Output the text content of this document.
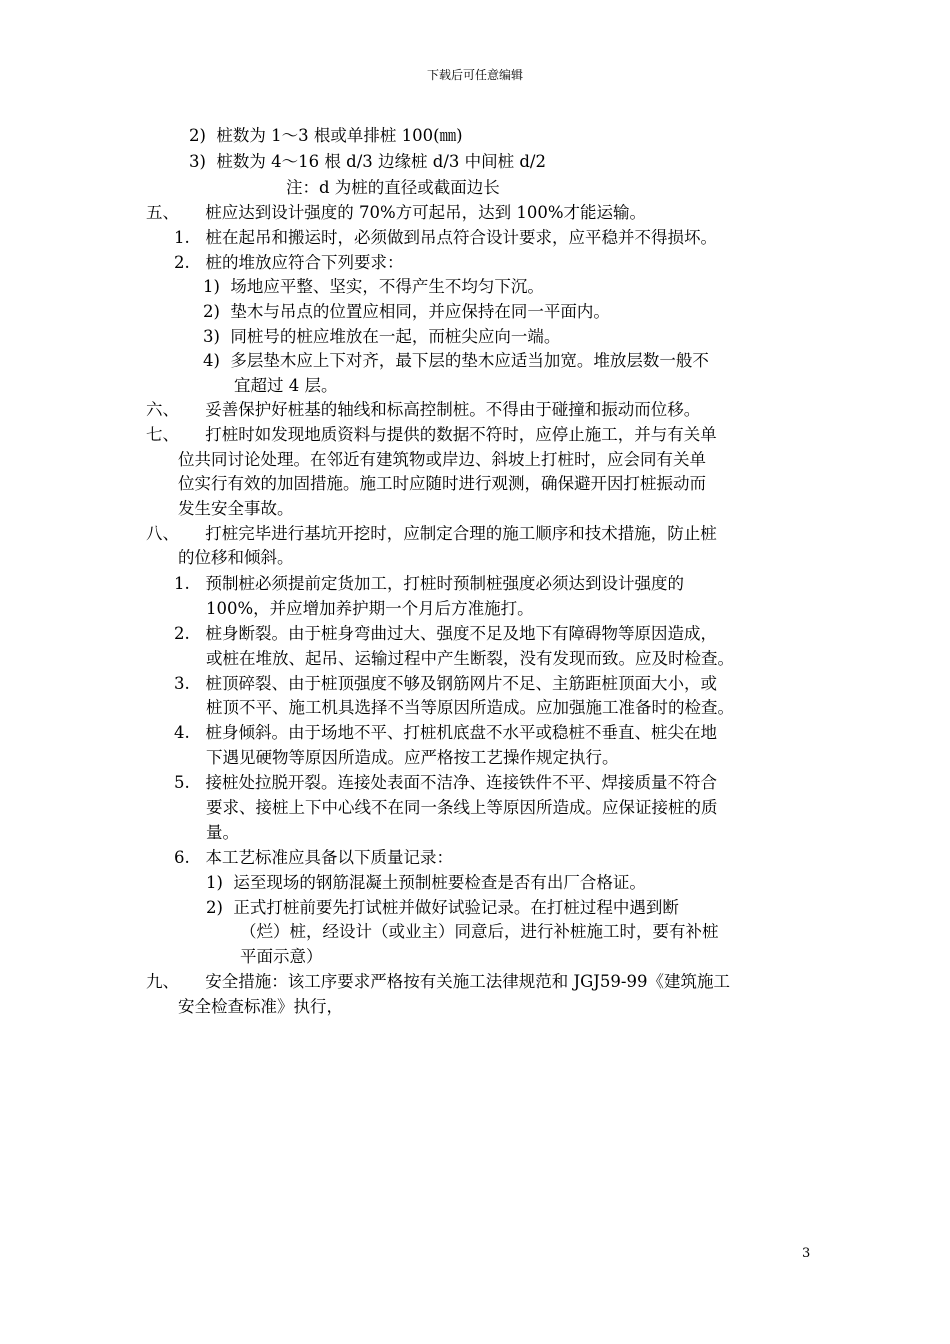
下载后可任意编辑
2)  桩数为 1～3 根或单排桩 100(㎜)
3)  桩数为 4～16 根 d/3 边缘桩 d/3 中间桩 d/2
注：d 为桩的直径或截面边长
五、     桩应达到设计强度的 70%方可起吊，达到 100%才能运输。
1.   桩在起吊和搬运时，必须做到吊点符合设计要求，应平稳并不得损坏。
2.   桩的堆放应符合下列要求：
1)  场地应平整、坚实，不得产生不均匀下沉。
2)  垫木与吊点的位置应相同，并应保持在同一平面内。
3)  同桩号的桩应堆放在一起，而桩尖应向一端。
4)  多层垫木应上下对齐，最下层的垫木应适当加宽。堆放层数一般不
宜超过 4 层。
六、     妥善保护好桩基的轴线和标高控制桩。不得由于碰撞和振动而位移。
七、     打桩时如发现地质资料与提供的数据不符时，应停止施工，并与有关单
位共同讨论处理。在邻近有建筑物或岸边、斜坡上打桩时，应会同有关单
位实行有效的加固措施。施工时应随时进行观测，确保避开因打桩振动而
发生安全事故。
八、     打桩完毕进行基坑开挖时，应制定合理的施工顺序和技术措施，防止桩
的位移和倾斜。
1.   预制桩必须提前定货加工，打桩时预制桩强度必须达到设计强度的
100%，并应增加养护期一个月后方准施打。
2.   桩身断裂。由于桩身弯曲过大、强度不足及地下有障碍物等原因造成，
或桩在堆放、起吊、运输过程中产生断裂，没有发现而致。应及时检查。
3.   桩顶碎裂、由于桩顶强度不够及钢筋网片不足、主筋距桩顶面大小，或
桩顶不平、施工机具选择不当等原因所造成。应加强施工准备时的检查。
4.   桩身倾斜。由于场地不平、打桩机底盘不水平或稳桩不垂直、桩尖在地
下遇见硬物等原因所造成。应严格按工艺操作规定执行。
5.   接桩处拉脱开裂。连接处表面不洁净、连接铁件不平、焊接质量不符合
要求、接桩上下中心线不在同一条线上等原因所造成。应保证接桩的质
量。
6.   本工艺标准应具备以下质量记录：
1)  运至现场的钢筋混凝土预制桩要检查是否有出厂合格证。
2)  正式打桩前要先打试桩并做好试验记录。在打桩过程中遇到断
（烂）桩，经设计（或业主）同意后，进行补桩施工时，要有补桩
平面示意）
九、     安全措施：该工序要求严格按有关施工法律规范和 JGJ59-99《建筑施工
安全检查标准》执行，
3
